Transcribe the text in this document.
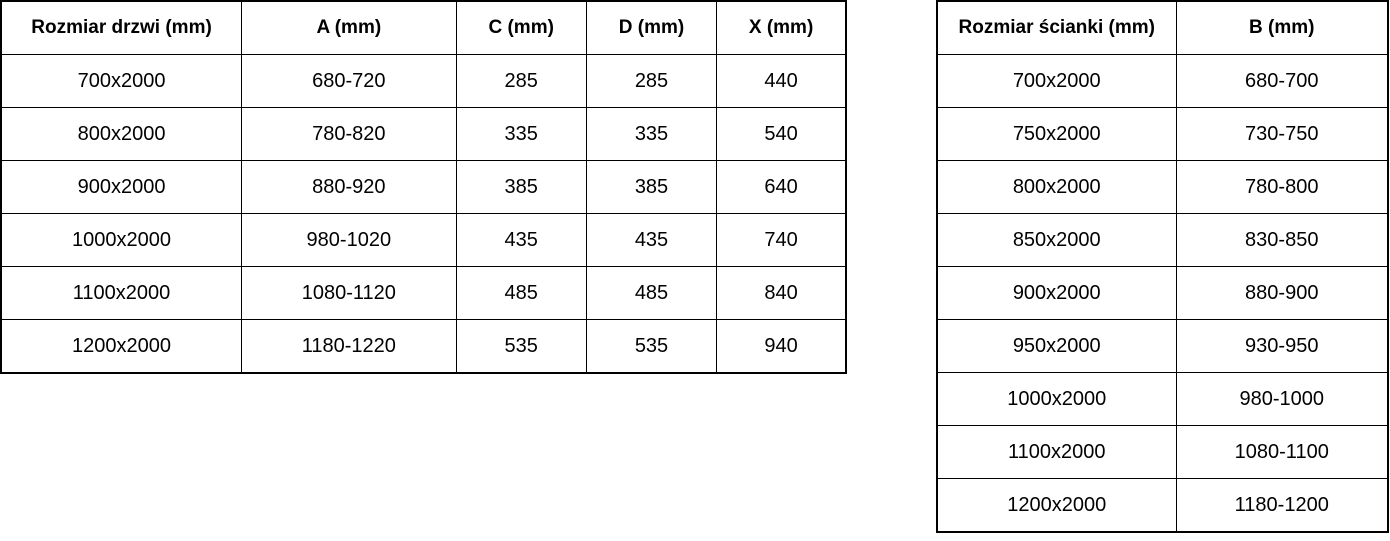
Rozmiar drzwi (mm)	A (mm)	C (mm)	D (mm)	X (mm)
700x2000	680-720	285	285	440
800x2000	780-820	335	335	540
900x2000	880-920	385	385	640
1000x2000	980-1020	435	435	740
1100x2000	1080-1120	485	485	840
1200x2000	1180-1220	535	535	940
Rozmiar ścianki (mm)	B (mm)
700x2000	680-700
750x2000	730-750
800x2000	780-800
850x2000	830-850
900x2000	880-900
950x2000	930-950
1000x2000	980-1000
1100x2000	1080-1100
1200x2000	1180-1200
